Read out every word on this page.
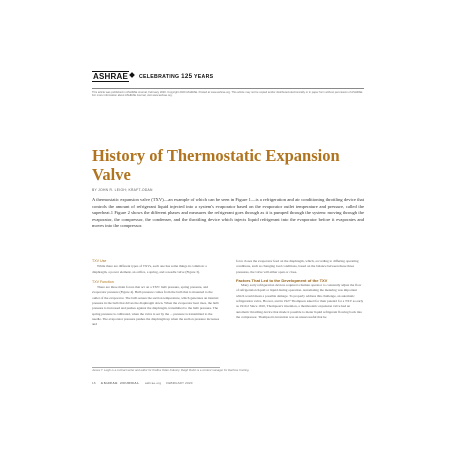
ASHRAE CELEBRATING 125 YEARS
This article was published in ASHRAE Journal, February 2020. Copyright 2020 ASHRAE. Posted at www.ashrae.org. This article may not be copied and/or distributed electronically or in paper form without permission of ASHRAE. For more information about ASHRAE Journal, visit www.ashrae.org.
History of Thermostatic Expansion Valve
BY JOHN R. LEIGH; KRAFT-ODAN
A thermostatic expansion valve (TXV)—an example of which can be seen in Figure 1—is a refrigeration and air conditioning throttling device that controls the amount of refrigerant liquid injected into a system's evaporator based on the evaporator outlet temperature and pressure, called the superheat.1 Figure 2 shows the different phases and measures the refrigerant goes through as it is pumped through the system: moving through the evaporator, the compressor, the condenser, and the throttling device which injects liquid refrigerant into the evaporator before it evaporates and moves into the compressor.
TXV Use

While there are different types of TXVs, each one has some things in common: a diaphragm, a power element, an orifice, a spring, and a needle valve (Figure 3).

TXV Function

There are three main forces that act on a TXV: bulb pressure, spring pressure, and evaporator pressure (Figure 4). Bulb pressure comes from the bulb that is mounted to the outlet of the evaporator. The bulb senses the suction temperature, which generates an internal pressure in the bulb that drives the diaphragm down. When the evaporator heat rises, the bulb pressure is increased and pushes against the diaphragm, transmitted to the bulb pressure. The spring pressure is calibrated, when the valve is set by the ... pressure is transmitted to the needle. The evaporator pressure pushes the diaphragm up when the suction pressure increases and

force closes the evaporator feed on the diaphragm, which, according to differing operating conditions, such as changing load conditions, based on the balance between these three pressures, the valve will either open or close.

Factors That Led to the Development of the TXV

Many early refrigeration devices required a human operator to constantly adjust the flow of refrigeration liquid or liquid during operation. Automating the metering was important which would mean a possible damage. To properly address this challenge, an automatic refrigeration valve, Hoover, and in 1927 Thompson asked for their patent2 for a TXV as early as 1910.2 Since 1910, Thompson's invention, a thermostatic expansion valve had an automatic throttling device that made it possible to meter liquid refrigerant flowing back into the compressor. Thompson's invention was an unsuccessful that he

James T. Leigh is a contract writer and editor for Kraftus Odan Industry. Reigh Rubin is a content manager for Danfoss Cooling.
16 ASHRAE JOURNAL ashrae.org FEBRUARY 2020
